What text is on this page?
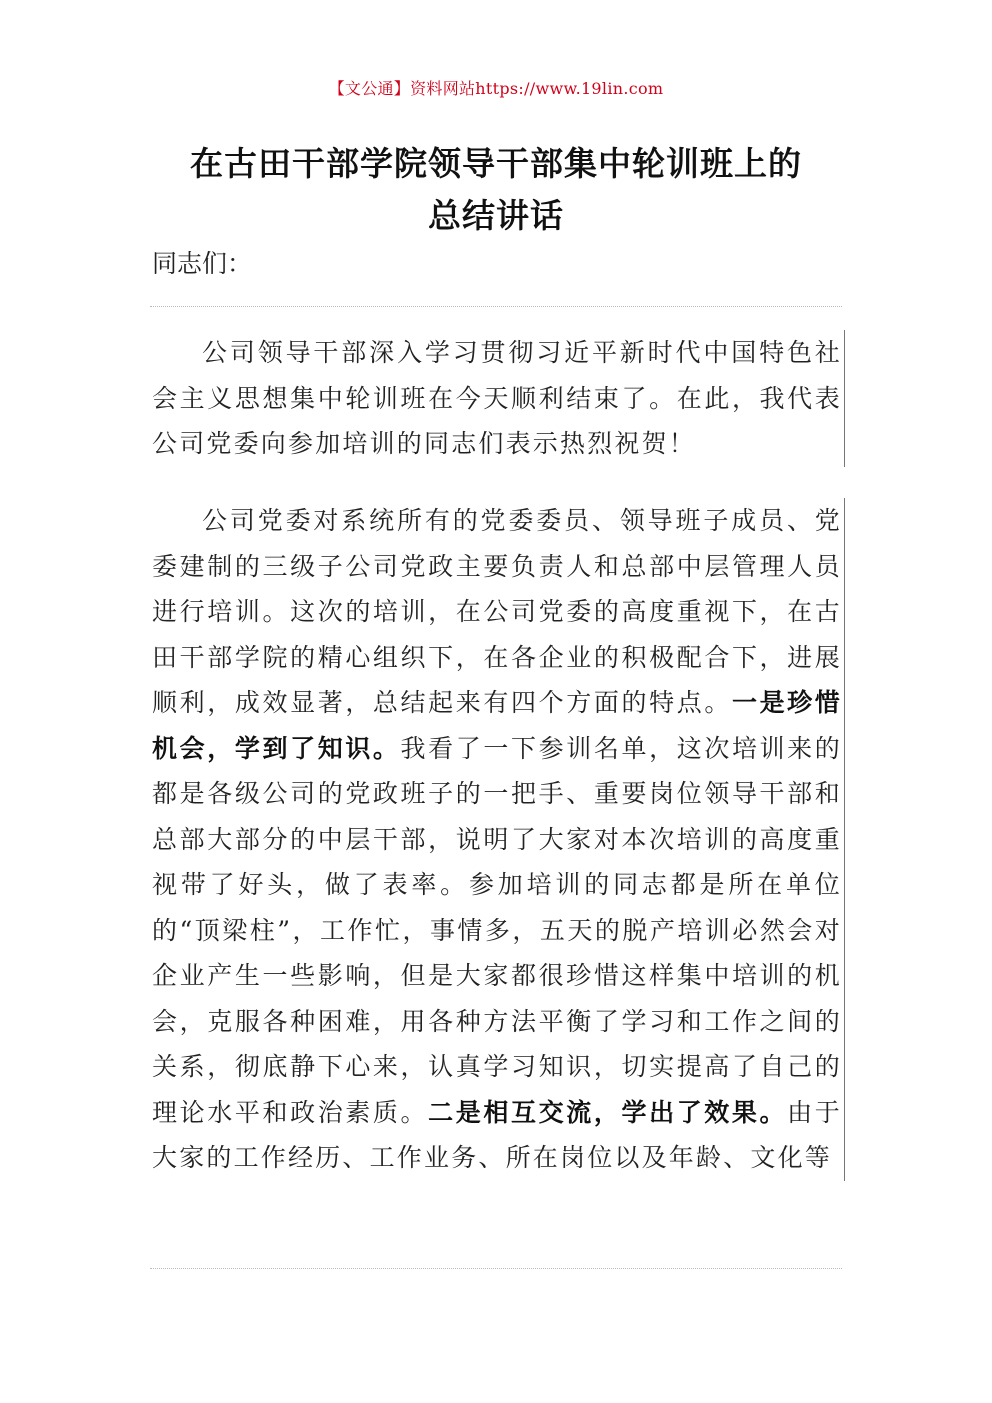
【文公通】资料网站https://www.19lin.com
在古田干部学院领导干部集中轮训班上的
总结讲话
同志们：
公司领导干部深入学习贯彻习近平新时代中国特色社会主义思想集中轮训班在今天顺利结束了。在此，我代表公司党委向参加培训的同志们表示热烈祝贺！
公司党委对系统所有的党委委员、领导班子成员、党委建制的三级子公司党政主要负责人和总部中层管理人员进行培训。这次的培训，在公司党委的高度重视下，在古田干部学院的精心组织下，在各企业的积极配合下，进展顺利，成效显著，总结起来有四个方面的特点。一是珍惜机会，学到了知识。我看了一下参训名单，这次培训来的都是各级公司的党政班子的一把手、重要岗位领导干部和总部大部分的中层干部，说明了大家对本次培训的高度重视带了好头，做了表率。参加培训的同志都是所在单位的“顶梁柱”，工作忙，事情多，五天的脱产培训必然会对企业产生一些影响，但是大家都很珍惜这样集中培训的机会，克服各种困难，用各种方法平衡了学习和工作之间的关系，彻底静下心来，认真学习知识，切实提高了自己的理论水平和政治素质。二是相互交流，学出了效果。由于大家的工作经历、工作业务、所在岗位以及年龄、文化等
